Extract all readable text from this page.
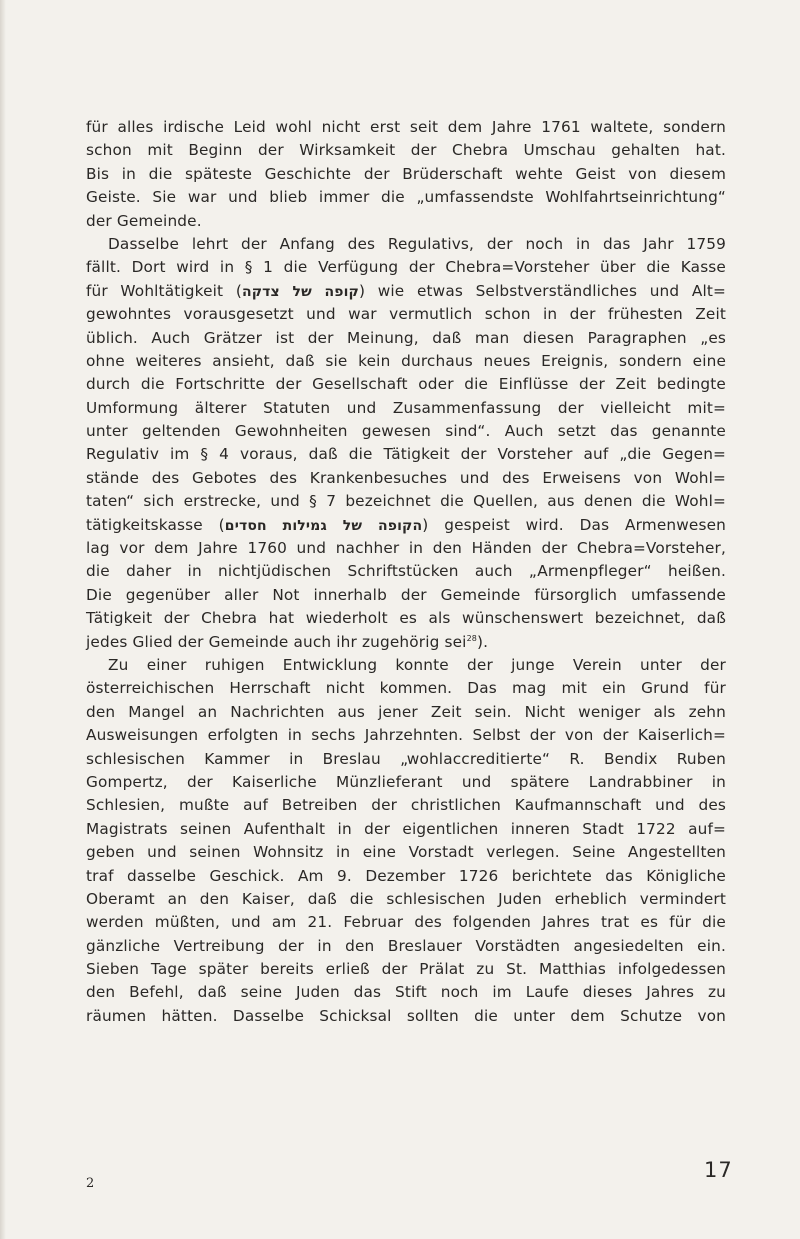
für alles irdische Leid wohl nicht erst seit dem Jahre 1761 waltete, sondern
schon mit Beginn der Wirksamkeit der Chebra Umschau gehalten hat.
Bis in die späteste Geschichte der Brüderschaft wehte Geist von diesem
Geiste. Sie war und blieb immer die „umfassendste Wohlfahrtseinrichtung“
der Gemeinde.
Dasselbe lehrt der Anfang des Regulativs, der noch in das Jahr 1759
fällt. Dort wird in § 1 die Verfügung der Chebra=Vorsteher über die Kasse
für Wohltätigkeit (קופה של צדקה) wie etwas Selbstverständliches und Alt=
gewohntes vorausgesetzt und war vermutlich schon in der frühesten Zeit
üblich. Auch Grätzer ist der Meinung, daß man diesen Paragraphen „es
ohne weiteres ansieht, daß sie kein durchaus neues Ereignis, sondern eine
durch die Fortschritte der Gesellschaft oder die Einflüsse der Zeit bedingte
Umformung älterer Statuten und Zusammenfassung der vielleicht mit=
unter geltenden Gewohnheiten gewesen sind“. Auch setzt das genannte
Regulativ im § 4 voraus, daß die Tätigkeit der Vorsteher auf „die Gegen=
stände des Gebotes des Krankenbesuches und des Erweisens von Wohl=
taten“ sich erstrecke, und § 7 bezeichnet die Quellen, aus denen die Wohl=
tätigkeitskasse (הקופה של גמילות חסדים) gespeist wird. Das Armenwesen
lag vor dem Jahre 1760 und nachher in den Händen der Chebra=Vorsteher,
die daher in nichtjüdischen Schriftstücken auch „Armenpfleger“ heißen.
Die gegenüber aller Not innerhalb der Gemeinde fürsorglich umfassende
Tätigkeit der Chebra hat wiederholt es als wünschenswert bezeichnet, daß
jedes Glied der Gemeinde auch ihr zugehörig sei$^{28}$).
Zu einer ruhigen Entwicklung konnte der junge Verein unter der
österreichischen Herrschaft nicht kommen. Das mag mit ein Grund für
den Mangel an Nachrichten aus jener Zeit sein. Nicht weniger als zehn
Ausweisungen erfolgten in sechs Jahrzehnten. Selbst der von der Kaiserlich=
schlesischen Kammer in Breslau „wohlaccreditierte“ R. Bendix Ruben
Gompertz, der Kaiserliche Münzlieferant und spätere Landrabbiner in
Schlesien, mußte auf Betreiben der christlichen Kaufmannschaft und des
Magistrats seinen Aufenthalt in der eigentlichen inneren Stadt 1722 auf=
geben und seinen Wohnsitz in eine Vorstadt verlegen. Seine Angestellten
traf dasselbe Geschick. Am 9. Dezember 1726 berichtete das Königliche
Oberamt an den Kaiser, daß die schlesischen Juden erheblich vermindert
werden müßten, und am 21. Februar des folgenden Jahres trat es für die
gänzliche Vertreibung der in den Breslauer Vorstädten angesiedelten ein.
Sieben Tage später bereits erließ der Prälat zu St. Matthias infolgedessen
den Befehl, daß seine Juden das Stift noch im Laufe dieses Jahres zu
räumen hätten. Dasselbe Schicksal sollten die unter dem Schutze von
2
17
